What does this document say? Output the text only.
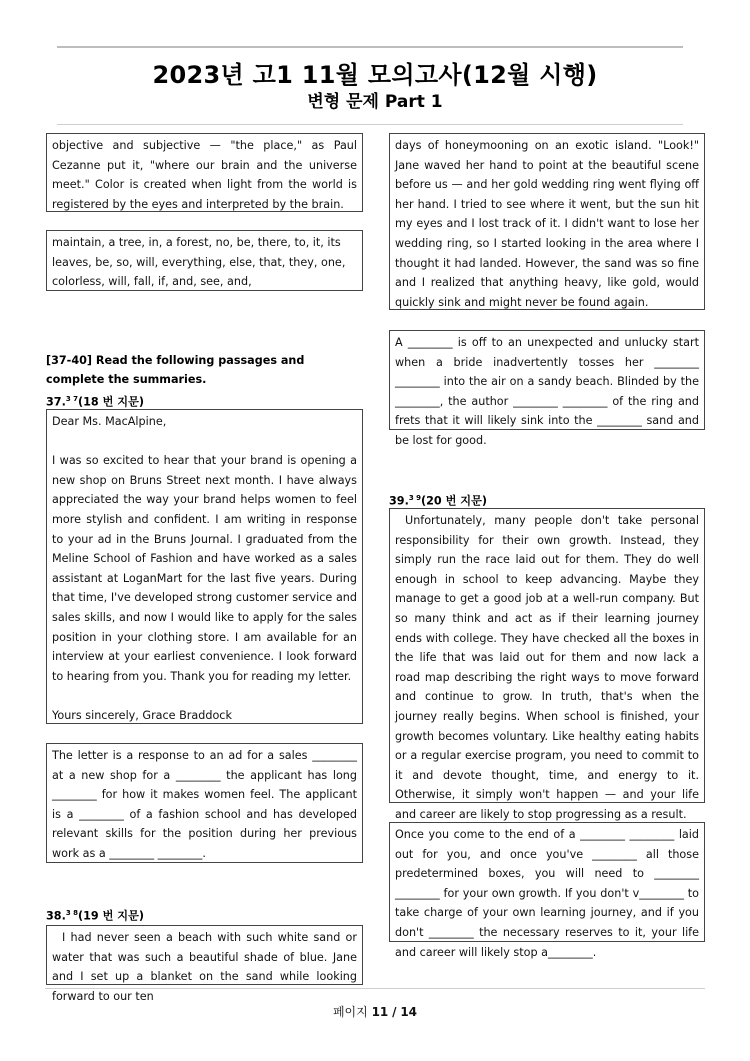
2023년 고1 11월 모의고사(12월 시행)
변형 문제 Part 1
objective and subjective — "the place," as Paul Cezanne put it, "where our brain and the universe meet." Color is created when light from the world is registered by the eyes and interpreted by the brain.
maintain, a tree, in, a forest, no, be, there, to, it, its leaves, be, so, will, everything, else, that, they, one, colorless, will, fall, if, and, see, and,
[37-40] Read the following passages and complete the summaries.
37.$^{3 7}$(18 번 지문)
Dear Ms. MacAlpine,
I was so excited to hear that your brand is opening a new shop on Bruns Street next month. I have always appreciated the way your brand helps women to feel more stylish and confident. I am writing in response to your ad in the Bruns Journal. I graduated from the Meline School of Fashion and have worked as a sales assistant at LoganMart for the last five years. During that time, I've developed strong customer service and sales skills, and now I would like to apply for the sales position in your clothing store. I am available for an interview at your earliest convenience. I look forward to hearing from you. Thank you for reading my letter.
Yours sincerely, Grace Braddock
The letter is a response to an ad for a sales ________ at a new shop for a ________ the applicant has long ________ for how it makes women feel. The applicant is a ________ of a fashion school and has developed relevant skills for the position during her previous work as a ________ ________.
38.$^{3 8}$(19 번 지문)
I had never seen a beach with such white sand or water that was such a beautiful shade of blue. Jane and I set up a blanket on the sand while looking forward to our ten
days of honeymooning on an exotic island. "Look!" Jane waved her hand to point at the beautiful scene before us — and her gold wedding ring went flying off her hand. I tried to see where it went, but the sun hit my eyes and I lost track of it. I didn't want to lose her wedding ring, so I started looking in the area where I thought it had landed. However, the sand was so fine and I realized that anything heavy, like gold, would quickly sink and might never be found again.
A ________ is off to an unexpected and unlucky start when a bride inadvertently tosses her ________ ________ into the air on a sandy beach. Blinded by the ________, the author ________ ________ of the ring and frets that it will likely sink into the ________ sand and be lost for good.
39.$^{3 9}$(20 번 지문)
Unfortunately, many people don't take personal responsibility for their own growth. Instead, they simply run the race laid out for them. They do well enough in school to keep advancing. Maybe they manage to get a good job at a well-run company. But so many think and act as if their learning journey ends with college. They have checked all the boxes in the life that was laid out for them and now lack a road map describing the right ways to move forward and continue to grow. In truth, that's when the journey really begins. When school is finished, your growth becomes voluntary. Like healthy eating habits or a regular exercise program, you need to commit to it and devote thought, time, and energy to it. Otherwise, it simply won't happen — and your life and career are likely to stop progressing as a result.
Once you come to the end of a ________ ________ laid out for you, and once you've ________ all those predetermined boxes, you will need to ________ ________ for your own growth. If you don't v________ to take charge of your own learning journey, and if you don't ________ the necessary reserves to it, your life and career will likely stop a________.
페이지 11 / 14
